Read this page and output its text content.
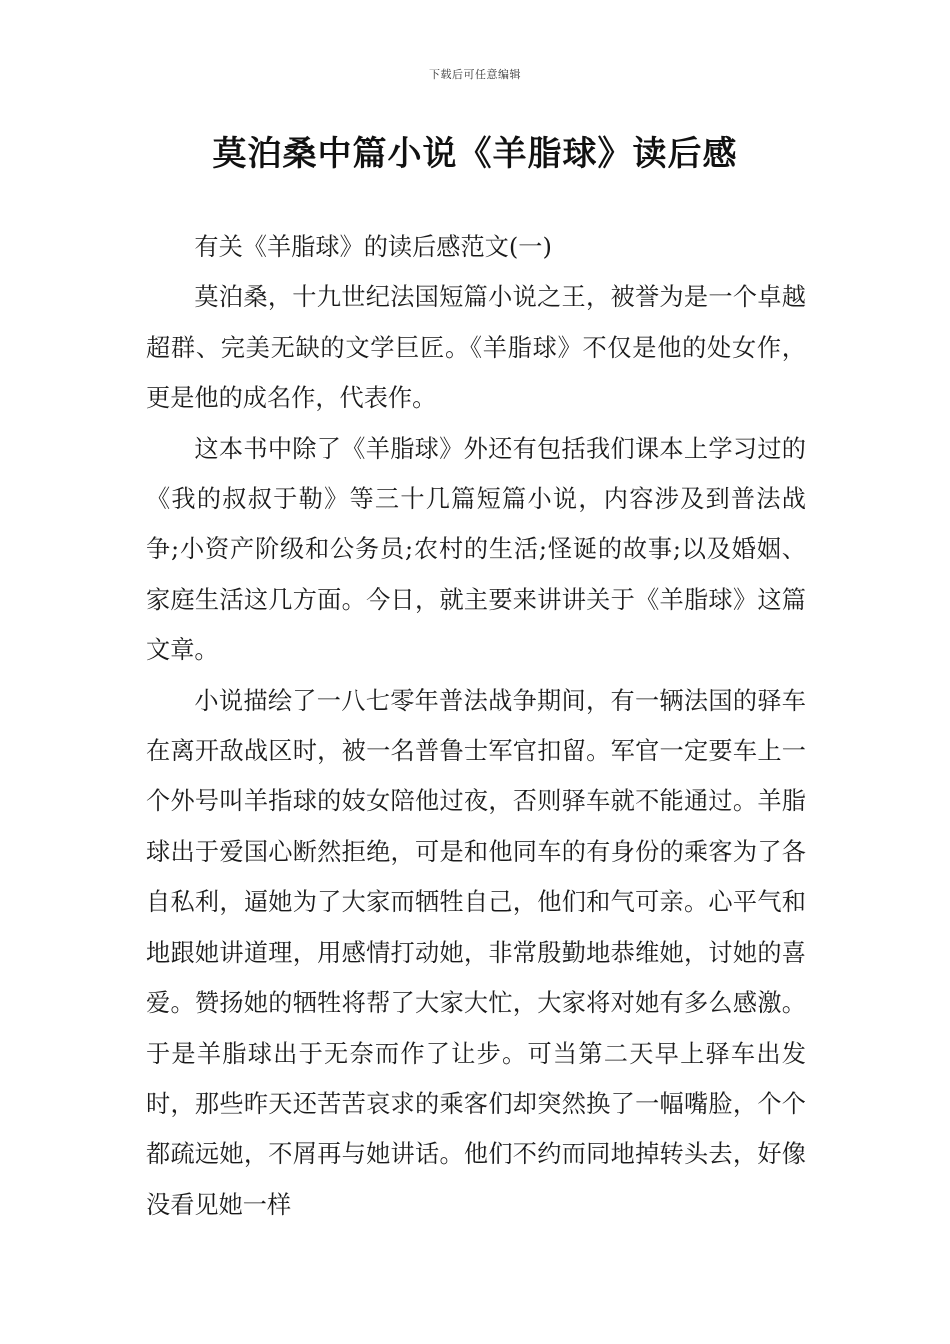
下载后可任意编辑
莫泊桑中篇小说《羊脂球》读后感

有关《羊脂球》的读后感范文(一)

莫泊桑，十九世纪法国短篇小说之王，被誉为是一个卓越超群、完美无缺的文学巨匠。《羊脂球》不仅是他的处女作，更是他的成名作，代表作。

这本书中除了《羊脂球》外还有包括我们课本上学习过的《我的叔叔于勒》等三十几篇短篇小说，内容涉及到普法战争;小资产阶级和公务员;农村的生活;怪诞的故事;以及婚姻、家庭生活这几方面。今日，就主要来讲讲关于《羊脂球》这篇文章。

小说描绘了一八七零年普法战争期间，有一辆法国的驿车在离开敌战区时，被一名普鲁士军官扣留。军官一定要车上一个外号叫羊指球的妓女陪他过夜，否则驿车就不能通过。羊脂球出于爱国心断然拒绝，可是和他同车的有身份的乘客为了各自私利，逼她为了大家而牺牲自己，他们和气可亲。心平气和地跟她讲道理，用感情打动她，非常殷勤地恭维她，讨她的喜爱。赞扬她的牺牲将帮了大家大忙，大家将对她有多么感激。于是羊脂球出于无奈而作了让步。可当第二天早上驿车出发时，那些昨天还苦苦哀求的乘客们却突然换了一幅嘴脸，个个都疏远她，不屑再与她讲话。他们不约而同地掉转头去，好像没看见她一样
